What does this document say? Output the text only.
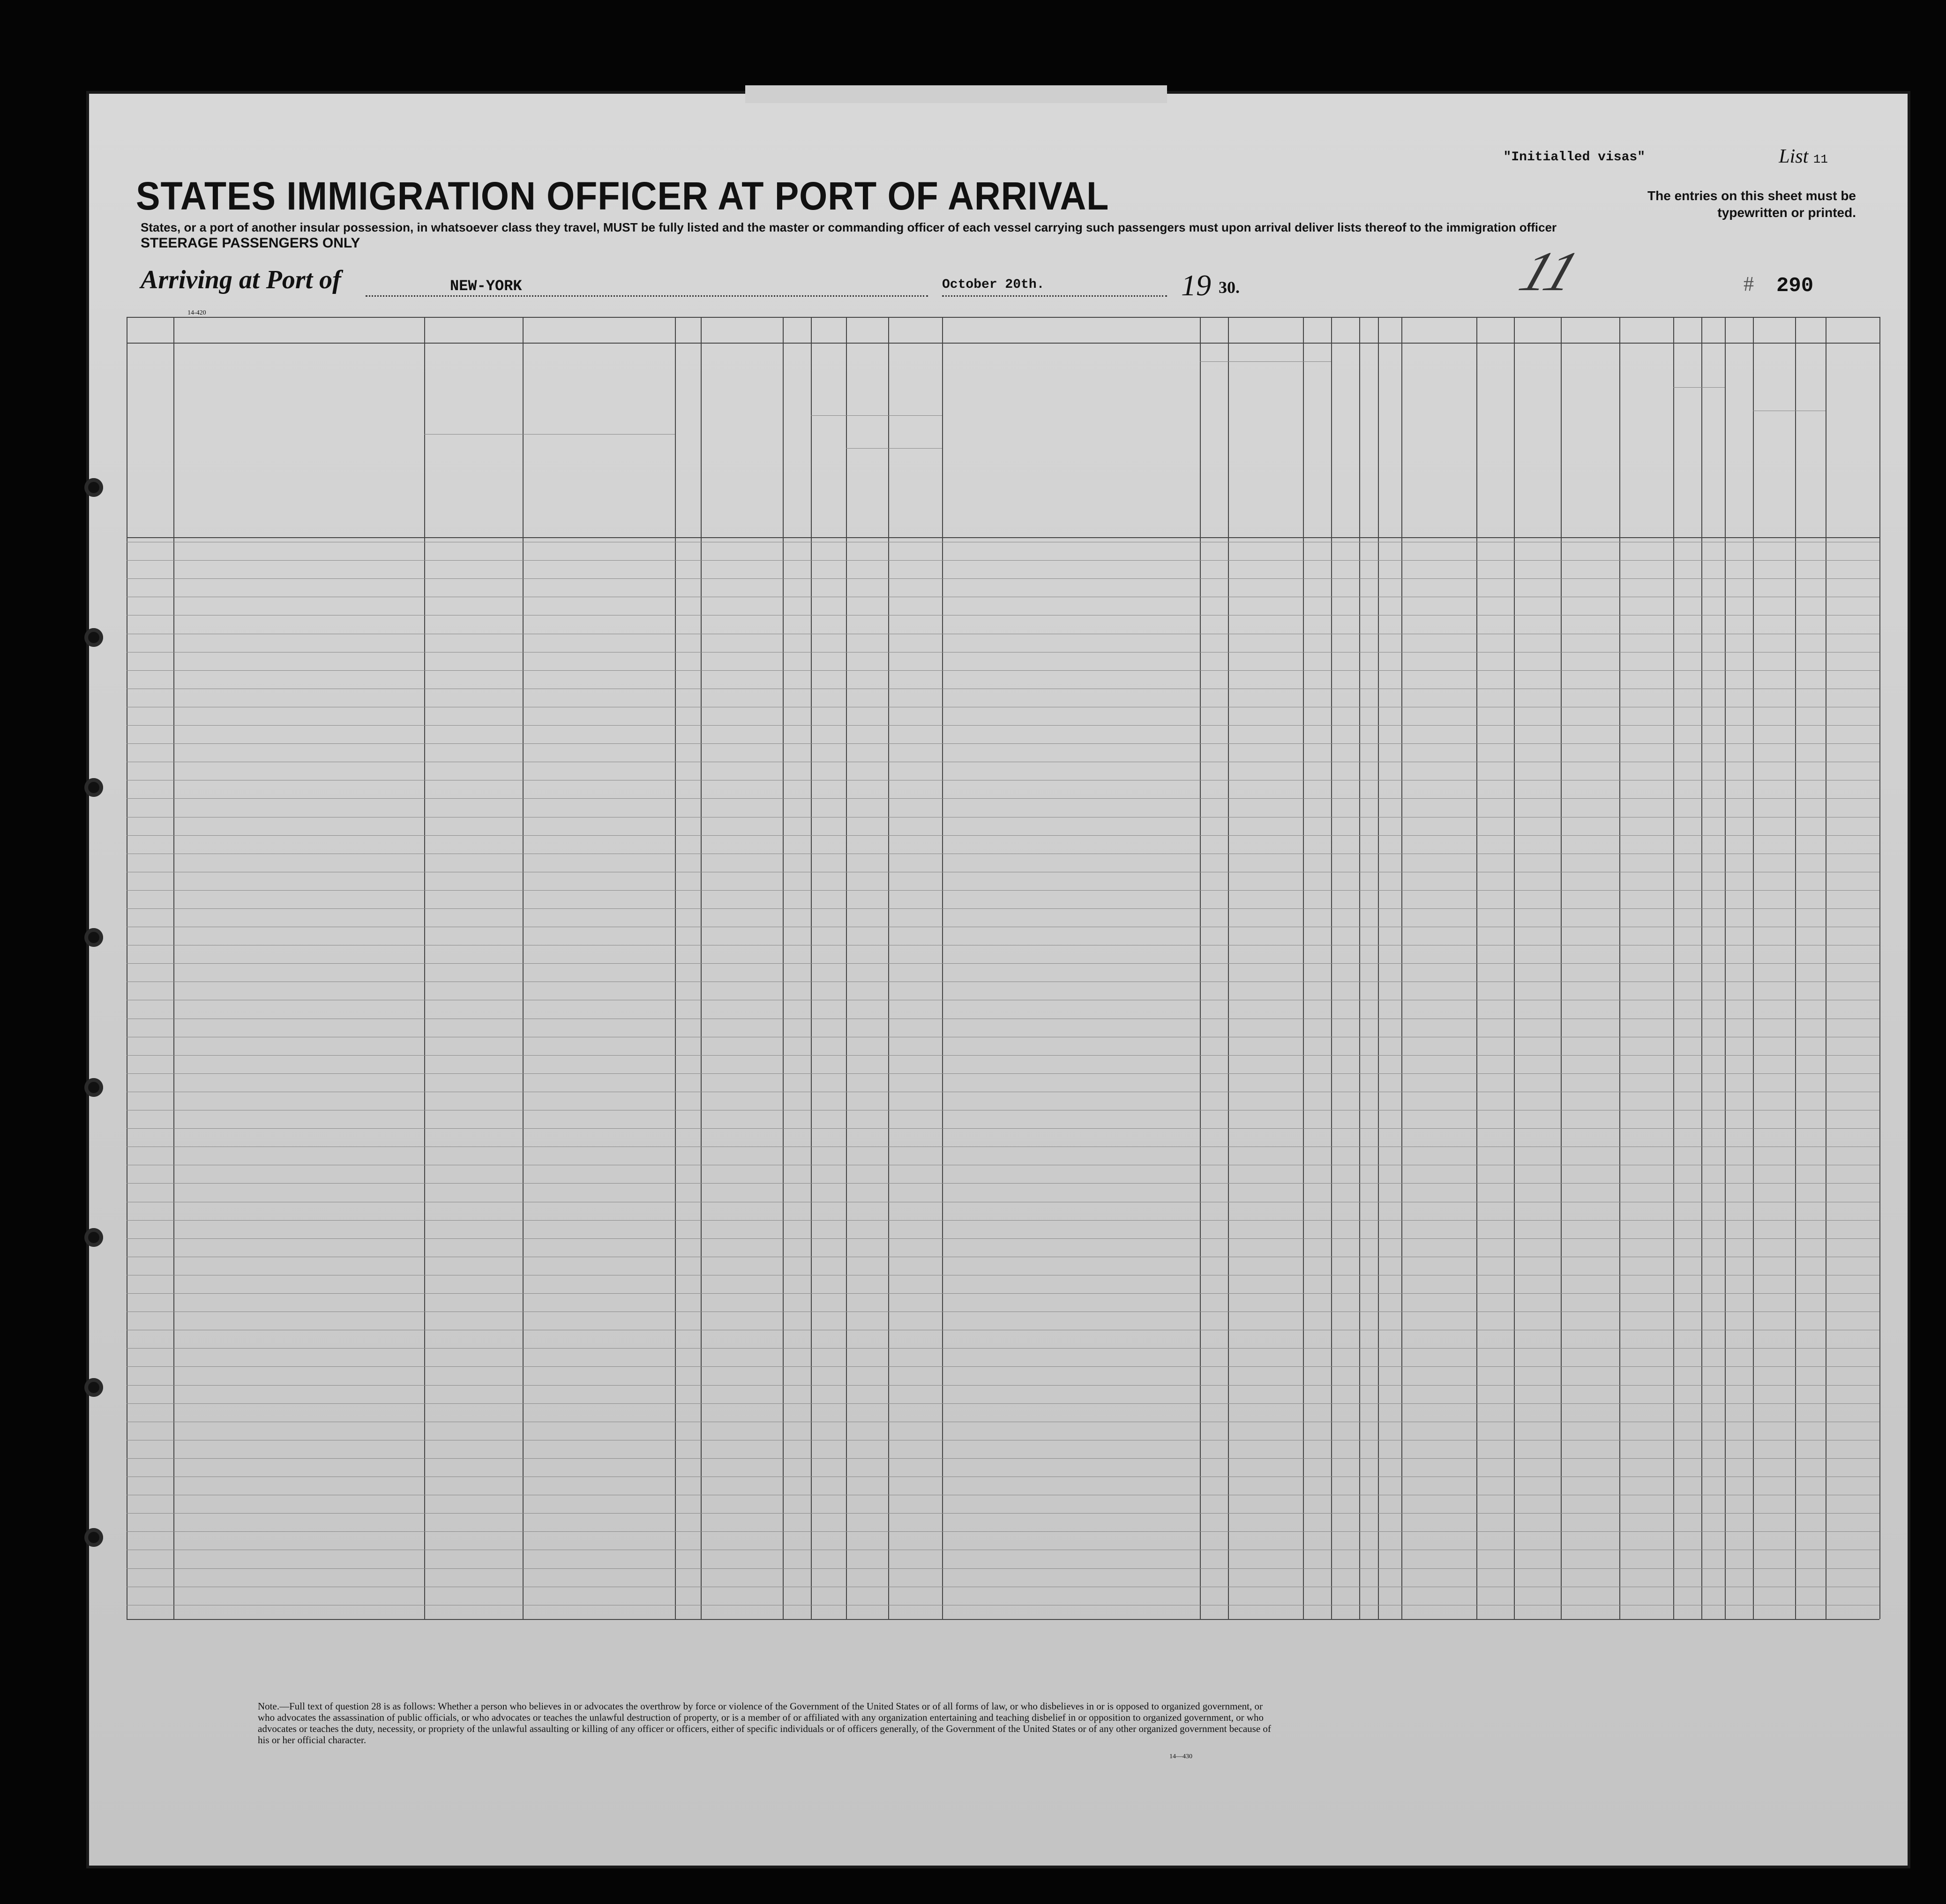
STATES IMMIGRATION OFFICER AT PORT OF ARRIVAL
States, or a port of another insular possession, in whatsoever class they travel, MUST be fully listed and the master or commanding officer of each vessel carrying such passengers must upon arrival deliver lists thereof to the immigration officer
STEERAGE PASSENGERS ONLY
"Initialled visas"	List 11
The entries on this sheet must be typewritten or printed.
Arriving at Port of	NEW-YORK	October 20th.	19 30.	11	# 290
14-420
Note.—Full text of question 28 is as follows: Whether a person who believes in or advocates the overthrow by force or violence of the Government of the United States or of all forms of law, or who disbelieves in or is opposed to organized government, or who advocates the assassination of public officials, or who advocates or teaches the unlawful destruction of property, or is a member of or affiliated with any organization entertaining and teaching disbelief in or opposition to organized government, or who advocates or teaches the duty, necessity, or propriety of the unlawful assaulting or killing of any officer or officers, either of specific individuals or of officers generally, of the Government of the United States or of any other organized government because of his or her official character.
14—430
